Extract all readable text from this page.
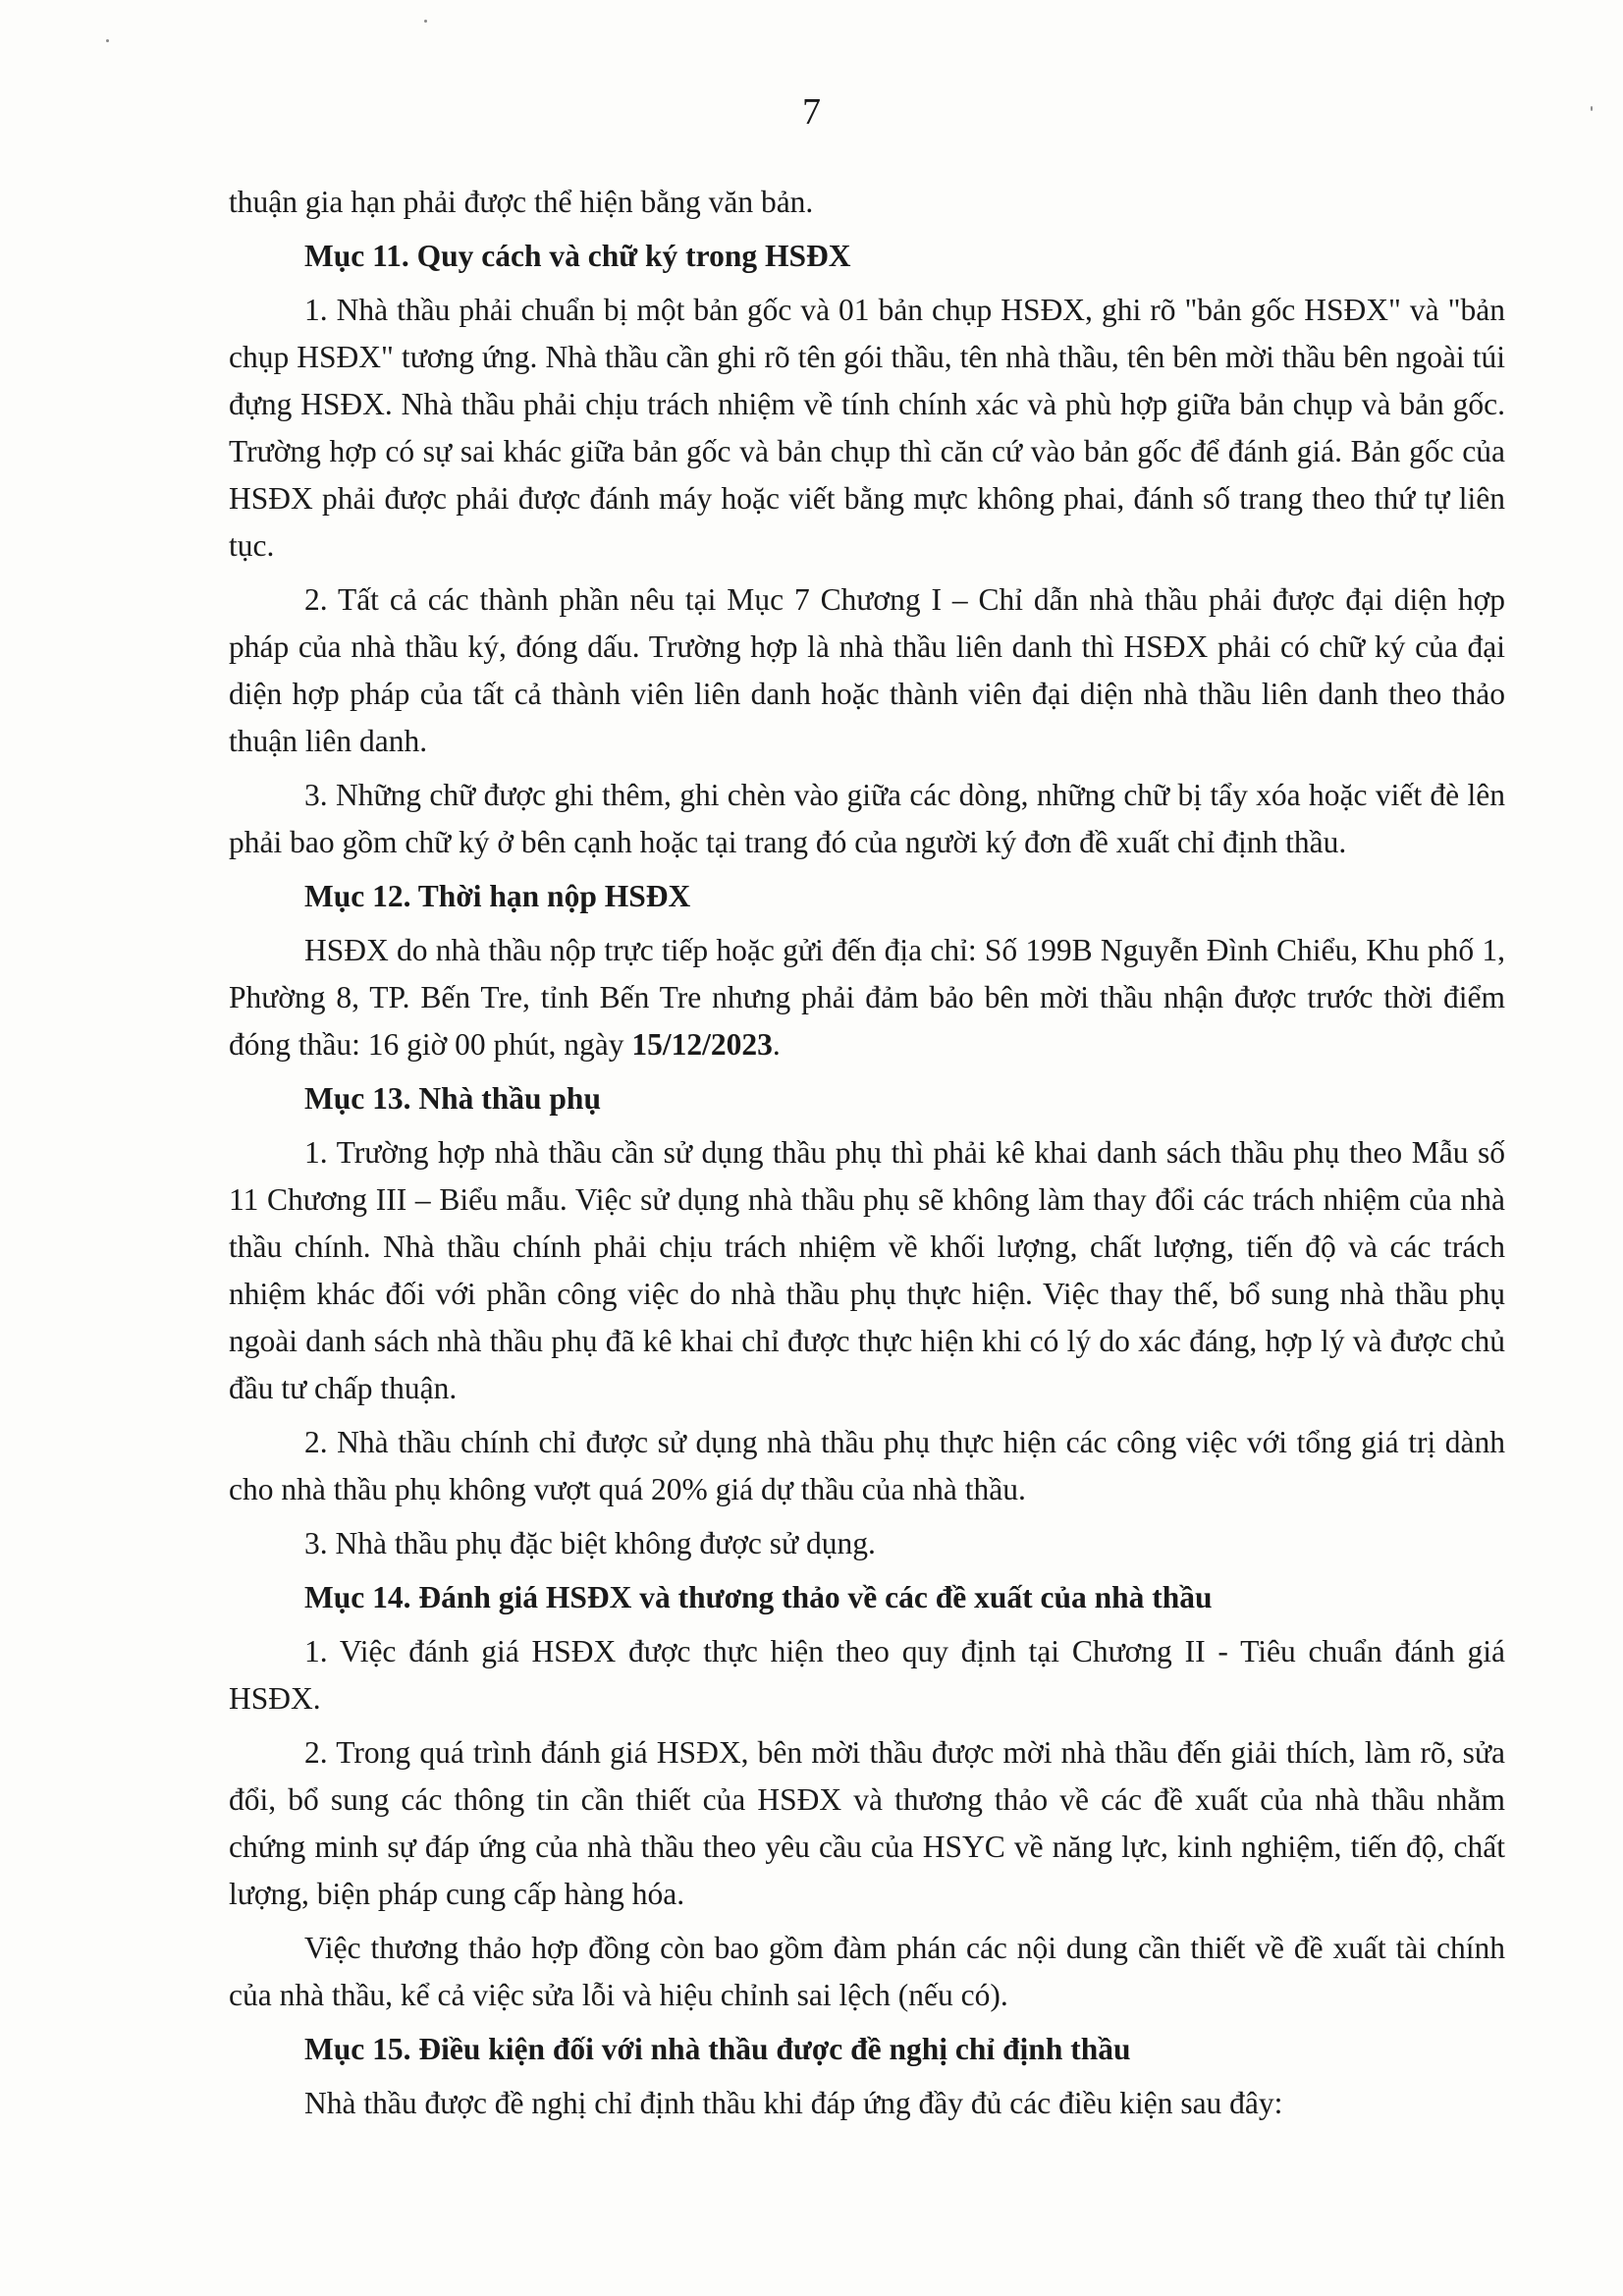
7

thuận gia hạn phải được thể hiện bằng văn bản.

Mục 11. Quy cách và chữ ký trong HSĐX

1. Nhà thầu phải chuẩn bị một bản gốc và 01 bản chụp HSĐX, ghi rõ "bản gốc HSĐX" và "bản chụp HSĐX" tương ứng. Nhà thầu cần ghi rõ tên gói thầu, tên nhà thầu, tên bên mời thầu bên ngoài túi đựng HSĐX. Nhà thầu phải chịu trách nhiệm về tính chính xác và phù hợp giữa bản chụp và bản gốc. Trường hợp có sự sai khác giữa bản gốc và bản chụp thì căn cứ vào bản gốc để đánh giá. Bản gốc của HSĐX phải được phải được đánh máy hoặc viết bằng mực không phai, đánh số trang theo thứ tự liên tục.

2. Tất cả các thành phần nêu tại Mục 7 Chương I – Chỉ dẫn nhà thầu phải được đại diện hợp pháp của nhà thầu ký, đóng dấu. Trường hợp là nhà thầu liên danh thì HSĐX phải có chữ ký của đại diện hợp pháp của tất cả thành viên liên danh hoặc thành viên đại diện nhà thầu liên danh theo thảo thuận liên danh.

3. Những chữ được ghi thêm, ghi chèn vào giữa các dòng, những chữ bị tẩy xóa hoặc viết đè lên phải bao gồm chữ ký ở bên cạnh hoặc tại trang đó của người ký đơn đề xuất chỉ định thầu.

Mục 12. Thời hạn nộp HSĐX

HSĐX do nhà thầu nộp trực tiếp hoặc gửi đến địa chỉ: Số 199B Nguyễn Đình Chiểu, Khu phố 1, Phường 8, TP. Bến Tre, tỉnh Bến Tre nhưng phải đảm bảo bên mời thầu nhận được trước thời điểm đóng thầu: 16 giờ 00 phút, ngày 15/12/2023.

Mục 13. Nhà thầu phụ

1. Trường hợp nhà thầu cần sử dụng thầu phụ thì phải kê khai danh sách thầu phụ theo Mẫu số 11 Chương III – Biểu mẫu. Việc sử dụng nhà thầu phụ sẽ không làm thay đổi các trách nhiệm của nhà thầu chính. Nhà thầu chính phải chịu trách nhiệm về khối lượng, chất lượng, tiến độ và các trách nhiệm khác đối với phần công việc do nhà thầu phụ thực hiện. Việc thay thế, bổ sung nhà thầu phụ ngoài danh sách nhà thầu phụ đã kê khai chỉ được thực hiện khi có lý do xác đáng, hợp lý và được chủ đầu tư chấp thuận.

2. Nhà thầu chính chỉ được sử dụng nhà thầu phụ thực hiện các công việc với tổng giá trị dành cho nhà thầu phụ không vượt quá 20% giá dự thầu của nhà thầu.

3. Nhà thầu phụ đặc biệt không được sử dụng.

Mục 14. Đánh giá HSĐX và thương thảo về các đề xuất của nhà thầu

1. Việc đánh giá HSĐX được thực hiện theo quy định tại Chương II - Tiêu chuẩn đánh giá HSĐX.

2. Trong quá trình đánh giá HSĐX, bên mời thầu được mời nhà thầu đến giải thích, làm rõ, sửa đổi, bổ sung các thông tin cần thiết của HSĐX và thương thảo về các đề xuất của nhà thầu nhằm chứng minh sự đáp ứng của nhà thầu theo yêu cầu của HSYC về năng lực, kinh nghiệm, tiến độ, chất lượng, biện pháp cung cấp hàng hóa.

Việc thương thảo hợp đồng còn bao gồm đàm phán các nội dung cần thiết về đề xuất tài chính của nhà thầu, kể cả việc sửa lỗi và hiệu chỉnh sai lệch (nếu có).

Mục 15. Điều kiện đối với nhà thầu được đề nghị chỉ định thầu

Nhà thầu được đề nghị chỉ định thầu khi đáp ứng đầy đủ các điều kiện sau đây:
